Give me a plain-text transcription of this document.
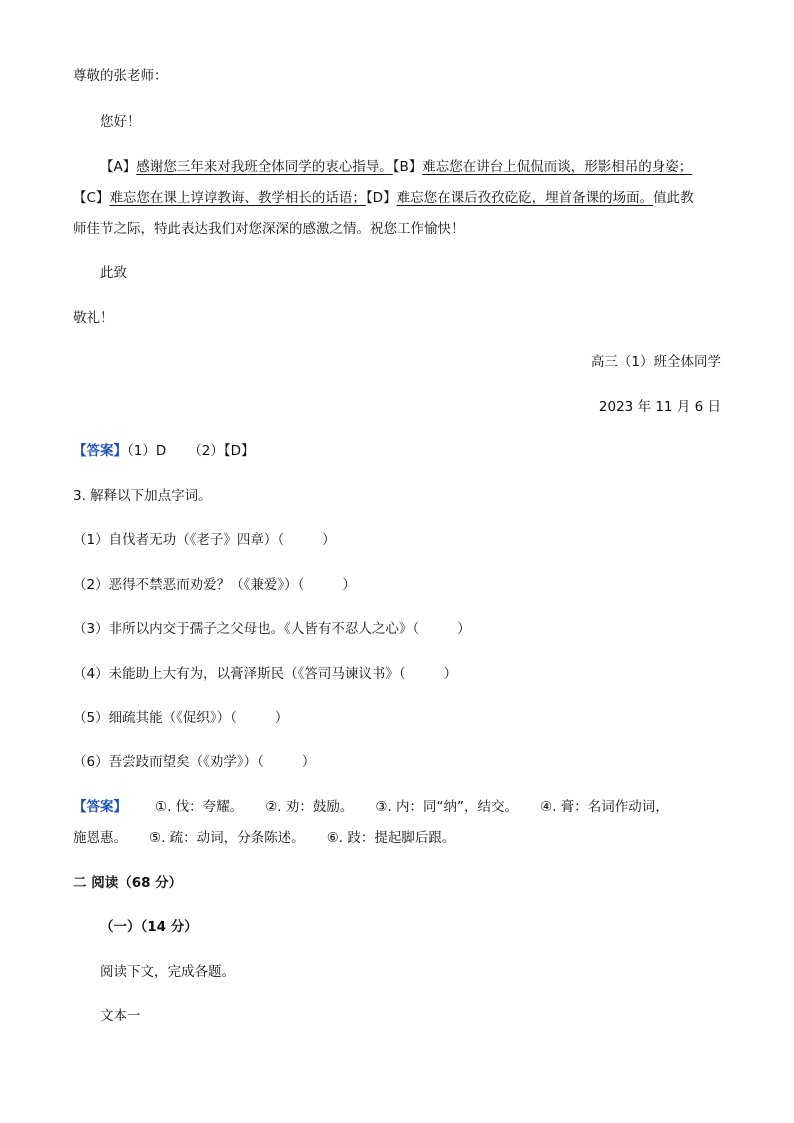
尊敬的张老师：
您好！
【A】感谢您三年来对我班全体同学的衷心指导。【B】难忘您在讲台上侃侃而谈，形影相吊的身姿；
【C】难忘您在课上谆谆教诲、教学相长的话语；【D】难忘您在课后孜孜矻矻，埋首备课的场面。值此教
师佳节之际，特此表达我们对您深深的感激之情。祝您工作愉快！
此致
敬礼！
高三（1）班全体同学
2023 年 11 月 6 日
【答案】（1）D （2）【D】
3. 解释以下加点字词。
（1）自伐者无功（《老子》四章）（	）
（2）恶得不禁恶而劝爱？（《兼爱》）（	）
（3）非所以内交于孺子之父母也。《人皆有不忍人之心》（	）
（4）未能助上大有为，以膏泽斯民（《答司马谏议书》（	）
（5）细疏其能（《促织》）（	）
（6）吾尝跂而望矣（《劝学》）（	）
【答案】 ①. 伐：夸耀。 ②. 劝：鼓励。 ③. 内：同“纳”，结交。 ④. 膏：名词作动词，
施恩惠。 ⑤. 疏：动词，分条陈述。 ⑥. 跂：提起脚后跟。
二 阅读（68 分）
（一）（14 分）
阅读下文，完成各题。
文本一
